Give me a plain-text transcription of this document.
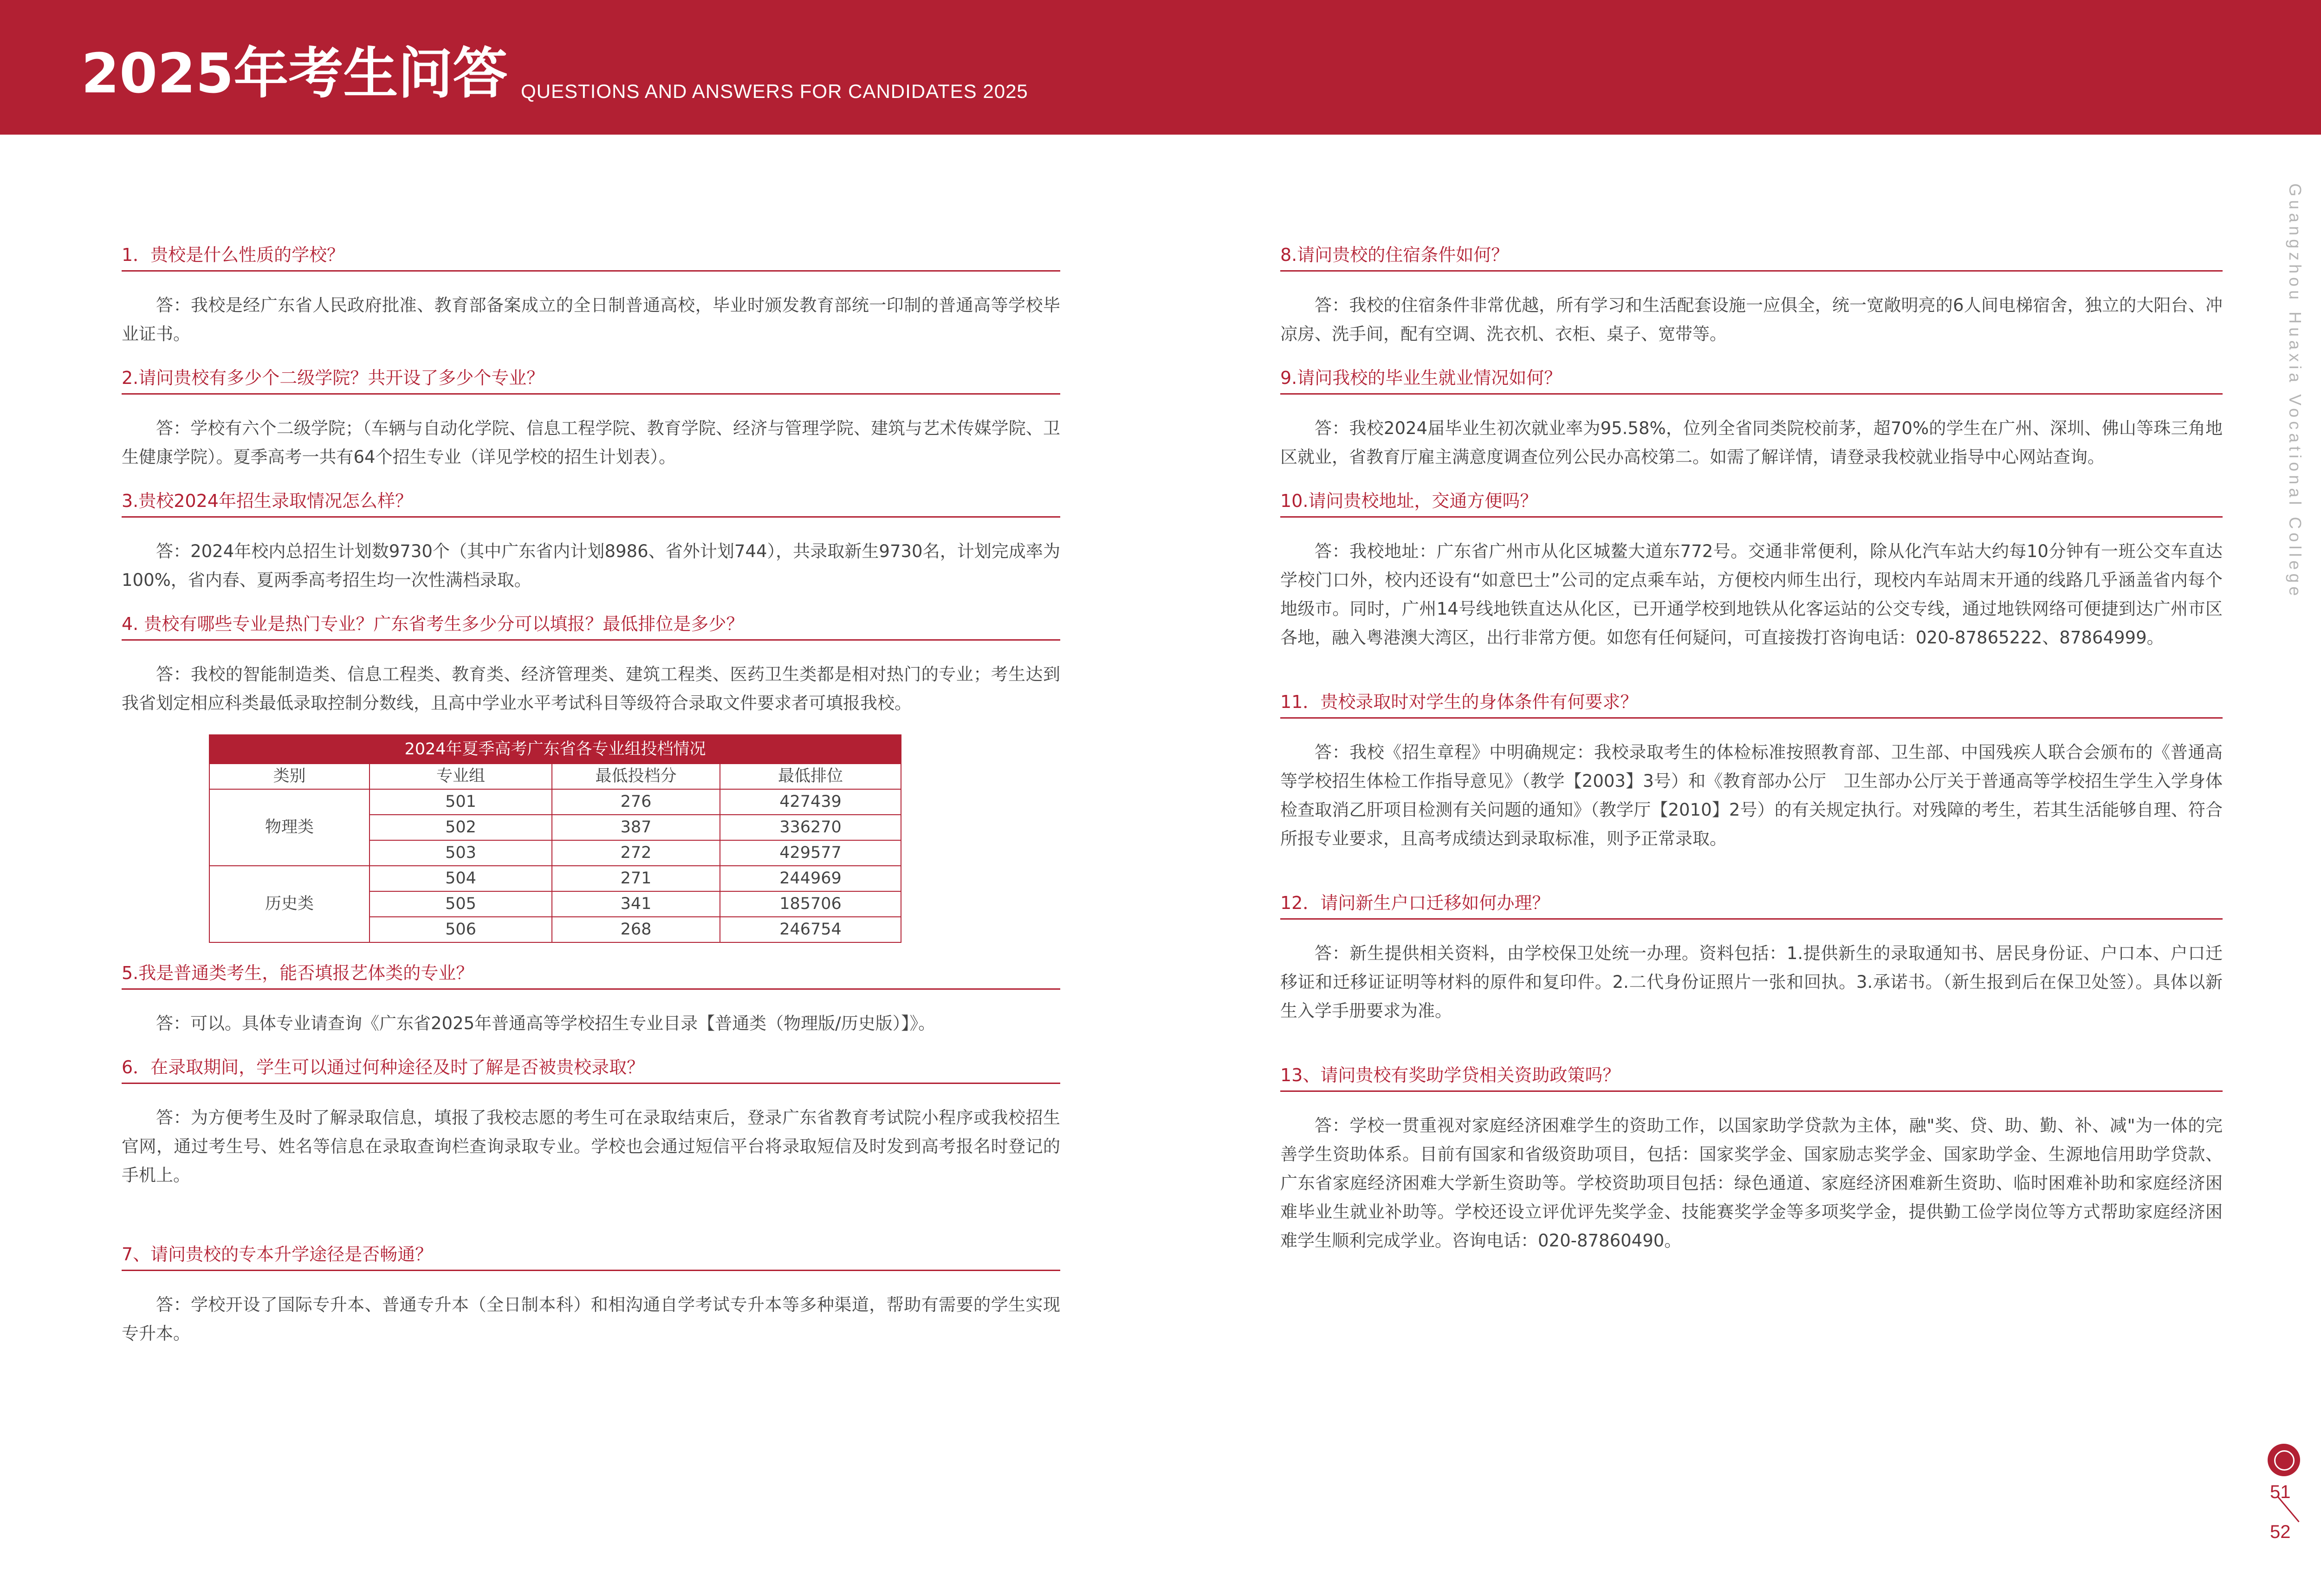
2025年考生问答 QUESTIONS AND ANSWERS FOR CANDIDATES 2025
1．贵校是什么性质的学校？
答：我校是经广东省人民政府批准、教育部备案成立的全日制普通高校，毕业时颁发教育部统一印制的普通高等学校毕业证书。
2.请问贵校有多少个二级学院？共开设了多少个专业？
答：学校有六个二级学院；（车辆与自动化学院、信息工程学院、教育学院、经济与管理学院、建筑与艺术传媒学院、卫生健康学院）。夏季高考一共有64个招生专业（详见学校的招生计划表）。
3.贵校2024年招生录取情况怎么样？
答：2024年校内总招生计划数9730个（其中广东省内计划8986、省外计划744），共录取新生9730名，计划完成率为100%，省内春、夏两季高考招生均一次性满档录取。
4. 贵校有哪些专业是热门专业？广东省考生多少分可以填报？最低排位是多少？
答：我校的智能制造类、信息工程类、教育类、经济管理类、建筑工程类、医药卫生类都是相对热门的专业；考生达到我省划定相应科类最低录取控制分数线，且高中学业水平考试科目等级符合录取文件要求者可填报我校。
2024年夏季高考广东省各专业组投档情况			
类别	专业组	最低投档分	最低排位
物理类	501	276	427439
	502	387	336270
	503	272	429577
历史类	504	271	244969
	505	341	185706
	506	268	246754
5.我是普通类考生，能否填报艺体类的专业？
答：可以。具体专业请查询《广东省2025年普通高等学校招生专业目录【普通类（物理版/历史版）】》。
6．在录取期间，学生可以通过何种途径及时了解是否被贵校录取？
答：为方便考生及时了解录取信息，填报了我校志愿的考生可在录取结束后，登录广东省教育考试院小程序或我校招生官网，通过考生号、姓名等信息在录取查询栏查询录取专业。学校也会通过短信平台将录取短信及时发到高考报名时登记的手机上。
7、请问贵校的专本升学途径是否畅通？
答：学校开设了国际专升本、普通专升本（全日制本科）和相沟通自学考试专升本等多种渠道，帮助有需要的学生实现专升本。
8.请问贵校的住宿条件如何？
答：我校的住宿条件非常优越，所有学习和生活配套设施一应俱全，统一宽敞明亮的6人间电梯宿舍，独立的大阳台、冲凉房、洗手间，配有空调、洗衣机、衣柜、桌子、宽带等。
9.请问我校的毕业生就业情况如何？
答：我校2024届毕业生初次就业率为95.58%，位列全省同类院校前茅，超70%的学生在广州、深圳、佛山等珠三角地区就业，省教育厅雇主满意度调查位列公民办高校第二。如需了解详情，请登录我校就业指导中心网站查询。
10.请问贵校地址，交通方便吗？
答：我校地址：广东省广州市从化区城鳌大道东772号。交通非常便利，除从化汽车站大约每10分钟有一班公交车直达学校门口外，校内还设有“如意巴士”公司的定点乘车站，方便校内师生出行，现校内车站周末开通的线路几乎涵盖省内每个地级市。同时，广州14号线地铁直达从化区，已开通学校到地铁从化客运站的公交专线，通过地铁网络可便捷到达广州市区各地，融入粤港澳大湾区，出行非常方便。如您有任何疑问，可直接拨打咨询电话：020-87865222、87864999。
11．贵校录取时对学生的身体条件有何要求？
答：我校《招生章程》中明确规定：我校录取考生的体检标准按照教育部、卫生部、中国残疾人联合会颁布的《普通高等学校招生体检工作指导意见》（教学【2003】3号）和《教育部办公厅　卫生部办公厅关于普通高等学校招生学生入学身体检查取消乙肝项目检测有关问题的通知》（教学厅【2010】2号）的有关规定执行。对残障的考生，若其生活能够自理、符合所报专业要求，且高考成绩达到录取标准，则予正常录取。
12．请问新生户口迁移如何办理？
答：新生提供相关资料，由学校保卫处统一办理。资料包括：1.提供新生的录取通知书、居民身份证、户口本、户口迁移证和迁移证证明等材料的原件和复印件。2.二代身份证照片一张和回执。3.承诺书。（新生报到后在保卫处签）。具体以新生入学手册要求为准。
13、请问贵校有奖助学贷相关资助政策吗？
答：学校一贯重视对家庭经济困难学生的资助工作，以国家助学贷款为主体，融"奖、贷、助、勤、补、减"为一体的完善学生资助体系。目前有国家和省级资助项目，包括：国家奖学金、国家励志奖学金、国家助学金、生源地信用助学贷款、广东省家庭经济困难大学新生资助等。学校资助项目包括：绿色通道、家庭经济困难新生资助、临时困难补助和家庭经济困难毕业生就业补助等。学校还设立评优评先奖学金、技能赛奖学金等多项奖学金，提供勤工俭学岗位等方式帮助家庭经济困难学生顺利完成学业。咨询电话：020-87860490。
Guangzhou Huaxia Vocational College
51
52
